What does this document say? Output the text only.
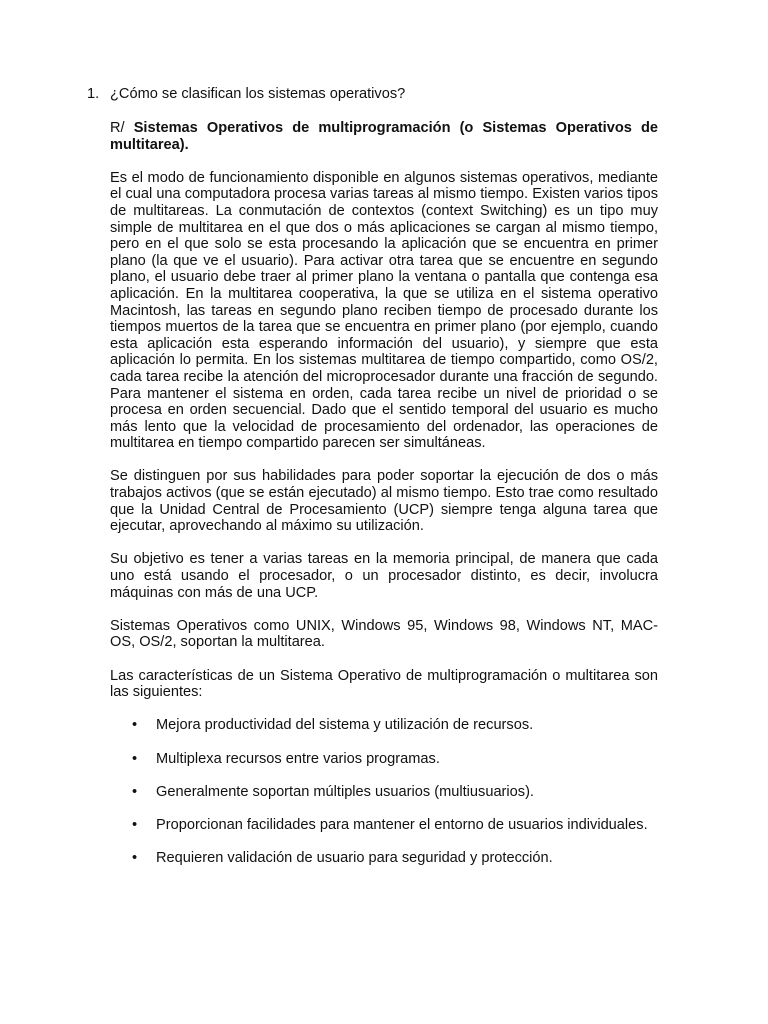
1. ¿Cómo se clasifican los sistemas operativos?

R/ Sistemas Operativos de multiprogramación (o Sistemas Operativos de multitarea).

Es el modo de funcionamiento disponible en algunos sistemas operativos, mediante el cual una computadora procesa varias tareas al mismo tiempo. Existen varios tipos de multitareas. La conmutación de contextos (context Switching) es un tipo muy simple de multitarea en el que dos o más aplicaciones se cargan al mismo tiempo, pero en el que solo se esta procesando la aplicación que se encuentra en primer plano (la que ve el usuario). Para activar otra tarea que se encuentre en segundo plano, el usuario debe traer al primer plano la ventana o pantalla que contenga esa aplicación. En la multitarea cooperativa, la que se utiliza en el sistema operativo Macintosh, las tareas en segundo plano reciben tiempo de procesado durante los tiempos muertos de la tarea que se encuentra en primer plano (por ejemplo, cuando esta aplicación esta esperando información del usuario), y siempre que esta aplicación lo permita. En los sistemas multitarea de tiempo compartido, como OS/2, cada tarea recibe la atención del microprocesador durante una fracción de segundo. Para mantener el sistema en orden, cada tarea recibe un nivel de prioridad o se procesa en orden secuencial. Dado que el sentido temporal del usuario es mucho más lento que la velocidad de procesamiento del ordenador, las operaciones de multitarea en tiempo compartido parecen ser simultáneas.

Se distinguen por sus habilidades para poder soportar la ejecución de dos o más trabajos activos (que se están ejecutado) al mismo tiempo. Esto trae como resultado que la Unidad Central de Procesamiento (UCP) siempre tenga alguna tarea que ejecutar, aprovechando al máximo su utilización.

Su objetivo es tener a varias tareas en la memoria principal, de manera que cada uno está usando el procesador, o un procesador distinto, es decir, involucra máquinas con más de una UCP.

Sistemas Operativos como UNIX, Windows 95, Windows 98, Windows NT, MAC-OS, OS/2, soportan la multitarea.

Las características de un Sistema Operativo de multiprogramación o multitarea son las siguientes:

• Mejora productividad del sistema y utilización de recursos.
• Multiplexa recursos entre varios programas.
• Generalmente soportan múltiples usuarios (multiusuarios).
• Proporcionan facilidades para mantener el entorno de usuarios individuales.
• Requieren validación de usuario para seguridad y protección.
